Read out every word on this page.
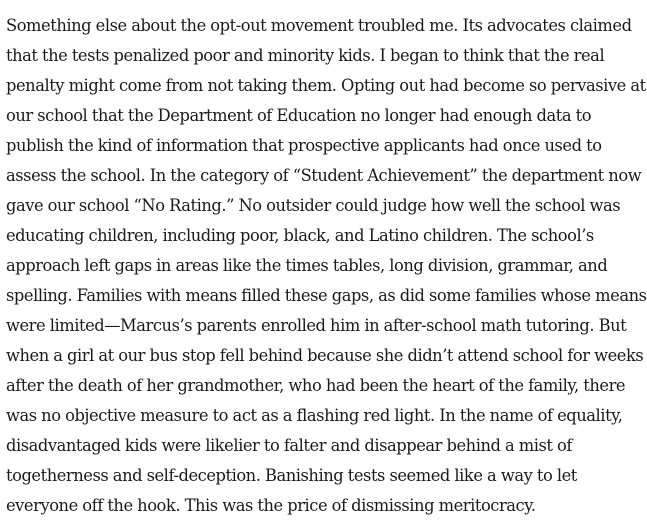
Something else about the opt-out movement troubled me. Its advocates claimed
that the tests penalized poor and minority kids. I began to think that the real
penalty might come from not taking them. Opting out had become so pervasive at
our school that the Department of Education no longer had enough data to
publish the kind of information that prospective applicants had once used to
assess the school. In the category of “Student Achievement” the department now
gave our school “No Rating.” No outsider could judge how well the school was
educating children, including poor, black, and Latino children. The school’s
approach left gaps in areas like the times tables, long division, grammar, and
spelling. Families with means filled these gaps, as did some families whose means
were limited—Marcus’s parents enrolled him in after-school math tutoring. But
when a girl at our bus stop fell behind because she didn’t attend school for weeks
after the death of her grandmother, who had been the heart of the family, there
was no objective measure to act as a flashing red light. In the name of equality,
disadvantaged kids were likelier to falter and disappear behind a mist of
togetherness and self-deception. Banishing tests seemed like a way to let
everyone off the hook. This was the price of dismissing meritocracy.
